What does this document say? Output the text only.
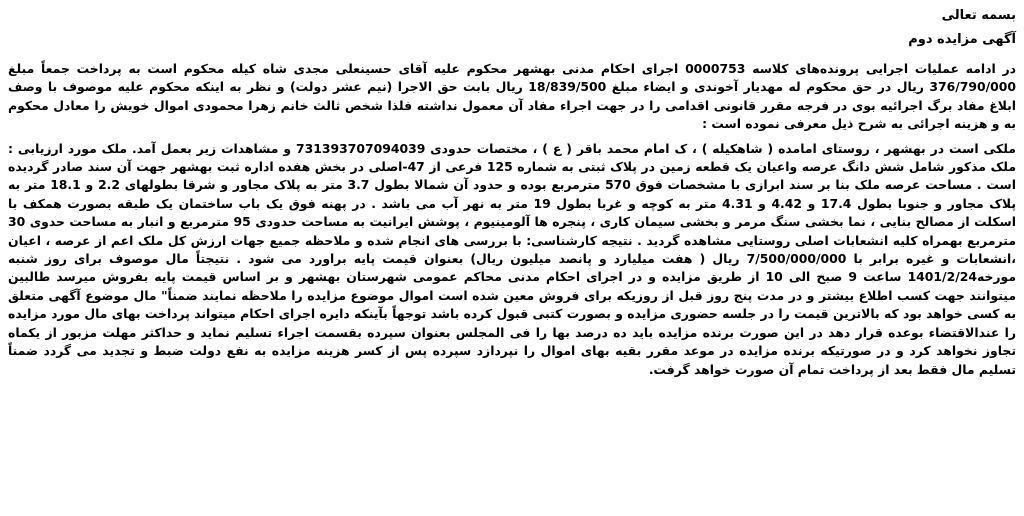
بسمه تعالی

آگهی مزایده دوم

در ادامه عملیات اجرایی پرونده‌های کلاسه 0000753 اجرای احکام مدنی بهشهر محکوم علیه آقای حسینعلی مجدی شاه کیله محکوم است به پرداخت جمعاً مبلغ 376/790/000 ریال در حق محکوم له مهدیار آخوندی و ایضاء مبلغ 18/839/500 ریال بابت حق الاجرا (نیم عشر دولت) و نظر به اینکه محکوم علیه موصوف با وصف ابلاغ مفاد برگ اجرائیه بوی در فرجه مقرر قانونی اقدامی را در جهت اجراء مفاد آن معمول نداشته فلذا شخص ثالث خانم زهرا محمودی اموال خویش را معادل محکوم به و هزینه اجرائی به شرح ذیل معرفی نموده است :

ملکی است در بهشهر ، روستای امامده ( شاهکیله ) ، ک امام محمد باقر ( ع ) ، مختصات حدودی 731393707094039 و مشاهدات زیر بعمل آمد. ملک مورد ارزیابی : ملک مذکور شامل شش دانگ عرصه واعیان یک قطعه زمین در پلاک ثبتی به شماره 125 فرعی از 47-اصلی در بخش هفده اداره ثبت بهشهر جهت آن سند صادر گردیده است . مساحت عرصه ملک بنا بر سند ابرازی با مشخصات فوق 570 مترمربع بوده و حدود آن شمالا بطول 3.7 متر به پلاک مجاور و شرقا بطولهای 2.2 و 18.1 متر به پلاک مجاور و جنوبا بطول 17.4 و 4.42 و 4.31 متر به کوچه و غربا بطول 19 متر به نهر آب می باشد . در پهنه فوق یک باب ساختمان یک طبقه بصورت همکف با اسکلت از مصالح بنایی ، نما بخشی سنگ مرمر و بخشی سیمان کاری ، پنجره ها آلومینیوم ، پوشش ایرانیت به مساحت حدودی 95 مترمربع و انبار به مساحت حدوی 30 مترمربع بهمراه کلیه انشعابات اصلی روستایی مشاهده گردید . نتیجه کارشناسی: با بررسی های انجام شده و ملاحظه جمیع جهات ارزش کل ملک اعم از عرصه ، اعیان ،انشعابات و غیره برابر با 7/500/000/000 ریال ( هفت میلیارد و پانصد میلیون ریال) بعنوان قیمت پایه براورد می شود . نتیجتاً مال موصوف برای روز شنبه مورخه1401/2/24 ساعت 9 صبح الی 10 از طریق مزایده و در اجرای احکام مدنی محاکم عمومی شهرستان بهشهر و بر اساس قیمت پایه بفروش میرسد طالبین میتوانند جهت کسب اطلاع بیشتر و در مدت پنج روز قبل از روزیکه برای فروش معین شده است اموال موضوع مزایده را ملاحظه نمایند ضمناً" مال موضوع آگهی متعلق به کسی خواهد بود که بالاترین قیمت را در جلسه حضوری مزایده و بصورت کتبی قبول کرده باشد توجهاً بآینکه دایره اجرای احکام میتواند پرداخت بهای مال مورد مزایده را عندالاقتضاء بوعده قرار دهد در این صورت برنده مزایده باید ده درصد بها را فی المجلس بعنوان سپرده بقسمت اجراء تسلیم نماید و حداکثر مهلت مزبور از یکماه تجاوز نخواهد کرد و در صورتیکه برنده مزایده در موعد مقرر بقیه بهای اموال را نپردازد سپرده پس از کسر هزینه مزایده به نفع دولت ضبط و تجدید می گردد ضمناً تسلیم مال فقط بعد از پرداخت تمام آن صورت خواهد گرفت.
